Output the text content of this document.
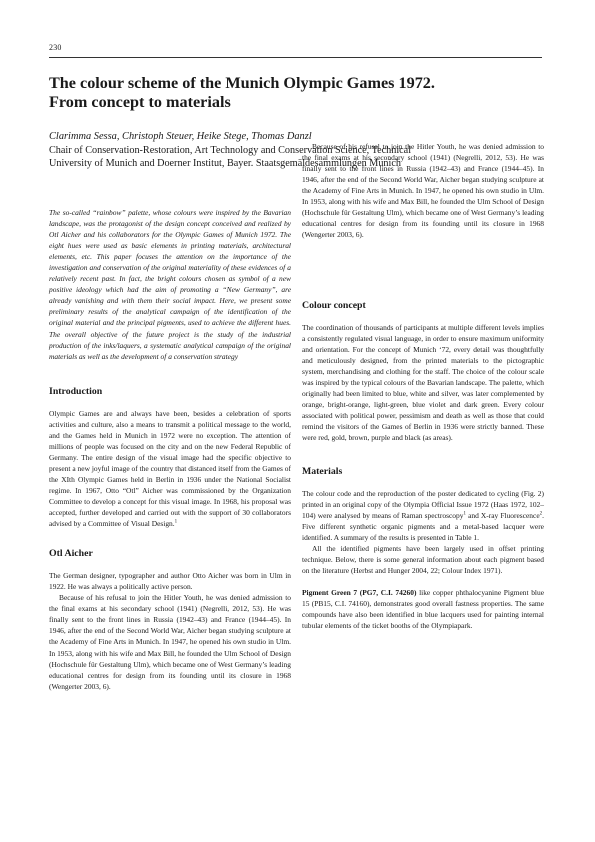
230
The colour scheme of the Munich Olympic Games 1972.
From concept to materials
Clarimma Sessa, Christoph Steuer, Heike Stege, Thomas Danzl
Chair of Conservation-Restoration, Art Technology and Conservation Science, Technical
University of Munich and Doerner Institut, Bayer. Staatsgemäldesammlungen Munich

The so-called “rainbow” palette, whose colours were inspired by the Bavarian landscape, was the protagonist of the design concept conceived and realized by Otl Aicher and his collaborators for the Olympic Games of Munich 1972. The eight hues were used as basic elements in printing materials, architectural elements, etc. This paper focuses the attention on the importance of the investigation and conservation of the original materiality of these evidences of a relatively recent past. In fact, the bright colours chosen as symbol of a new positive ideology which had the aim of promoting a “New Germany”, are already vanishing and with them their social impact. Here, we present some preliminary results of the analytical campaign of the identification of the original material and the principal pigments, used to achieve the different hues. The overall objective of the future project is the study of the industrial production of the inks/laquers, a systematic analytical campaign of the original materials as well as the development of a conservation strategy

Introduction

Olympic Games are and always have been, besides a celebration of sports activities and culture, also a means to transmit a political message to the world, and the Games held in Munich in 1972 were no exception. The attention of millions of people was focused on the city and on the new Federal Republic of Germany. The entire design of the visual image had the specific objective to present a new joyful image of the country that distanced itself from the Games of the XIth Olympic Games held in Berlin in 1936 under the National Socialist regime. In 1967, Otto “Otl” Aicher was commissioned by the Organization Committee to develop a concept for this visual image. In 1968, his proposal was accepted, further developed and carried out with the support of 30 collaborators advised by a Committee of Visual Design.$^1$

Otl Aicher

The German designer, typographer and author Otto Aicher was born in Ulm in 1922. He was always a politically active person.

Because of his refusal to join the Hitler Youth, he was denied admission to the final exams at his secondary school (1941) (Negrelli, 2012, 53). He was finally sent to the front lines in Russia (1942–43) and France (1944–45). In 1946, after the end of the Second World War, Aicher began studying sculpture at the Academy of Fine Arts in Munich. In 1947, he opened his own studio in Ulm. In 1953, along with his wife and Max Bill, he founded the Ulm School of Design (Hochschule für Gestaltung Ulm), which became one of West Germany’s leading educational centres for design from its founding until its closure in 1968 (Wengerter 2003, 6).

Because of his refusal to join the Hitler Youth, he was denied admission to the final exams at his secondary school (1941) (Negrelli, 2012, 53). He was finally sent to the front lines in Russia (1942–43) and France (1944–45). In 1946, after the end of the Second World War, Aicher began studying sculpture at the Academy of Fine Arts in Munich. In 1947, he opened his own studio in Ulm. In 1953, along with his wife and Max Bill, he founded the Ulm School of Design (Hochschule für Gestaltung Ulm), which became one of West Germany’s leading educational centres for design from its founding until its closure in 1968 (Wengerter 2003, 6).

Colour concept

The coordination of thousands of participants at multiple different levels implies a consistently regulated visual language, in order to ensure maximum uniformity and orientation. For the concept of Munich ‘72, every detail was thoughtfully and meticulously designed, from the printed materials to the pictographic system, merchandising and clothing for the staff. The choice of the colour scale was inspired by the typical colours of the Bavarian landscape. The palette, which originally had been limited to blue, white and silver, was later complemented by orange, bright-orange, light-green, blue violet and dark green. Every colour associated with political power, pessimism and death as well as those that could remind the visitors of the Games of Berlin in 1936 were strictly banned. These were red, gold, brown, purple and black (as areas).

Materials

The colour code and the reproduction of the poster dedicated to cycling (Fig. 2) printed in an original copy of the Olympia Official Issue 1972 (Haas 1972, 102–104) were analysed by means of Raman spectroscopy$^1$ and X-ray Fluorescence$^2$. Five different synthetic organic pigments and a metal-based lacquer were identified. A summary of the results is presented in Table 1.

All the identified pigments have been largely used in offset printing technique. Below, there is some general information about each pigment based on the literature (Herbst and Hunger 2004, 22; Colour Index 1971).

Pigment Green 7 (PG7, C.I. 74260) like copper phthalocyanine Pigment blue 15 (PB15, C.I. 74160), demonstrates good overall fastness properties. The same compounds have also been identified in blue lacquers used for painting internal tubular elements of the ticket booths of the Olympiapark.
